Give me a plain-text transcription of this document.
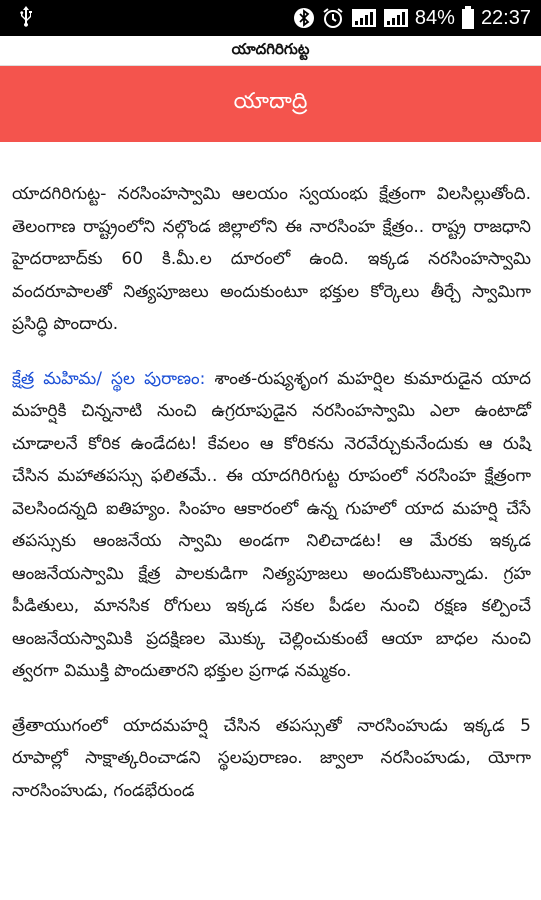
84% 22:37
యాదగిరిగుట్ట
యాదాద్రి

యాదగిరిగుట్ట- నరసింహస్వామి ఆలయం స్వయంభు క్షేత్రంగా విలసిల్లుతోంది. తెలంగాణ రాష్ట్రంలోని నల్గొండ జిల్లాలోని ఈ నారసింహ క్షేత్రం.. రాష్ట్ర రాజధాని హైదరాబాద్‌కు 60 కి.మీ.ల దూరంలో ఉంది. ఇక్కడ నరసింహస్వామి వందరూపాలతో నిత్యపూజలు అందుకుంటూ భక్తుల కోర్కెలు తీర్చే స్వామిగా ప్రసిద్ధి పొందారు.

క్షేత్ర మహిమ/ స్థల పురాణం: శాంత-రుష్యశృంగ మహర్షిల కుమారుడైన యాద మహర్షికి చిన్ననాటి నుంచి ఉగ్రరూపుడైన నరసింహస్వామి ఎలా ఉంటాడో చూడాలనే కోరిక ఉండేదట! కేవలం ఆ కోరికను నెరవేర్చుకునేందుకు ఆ రుషి చేసిన మహాతపస్సు ఫలితమే.. ఈ యాదగిరిగుట్ట రూపంలో నరసింహ క్షేత్రంగా వెలసిందన్నది ఐతిహ్యం. సింహం ఆకారంలో ఉన్న గుహలో యాద మహర్షి చేసే తపస్సుకు ఆంజనేయ స్వామి అండగా నిలిచాడట! ఆ మేరకు ఇక్కడ ఆంజనేయస్వామి క్షేత్ర పాలకుడిగా నిత్యపూజలు అందుకొంటున్నాడు. గ్రహ పీడితులు, మానసిక రోగులు ఇక్కడ సకల పీడల నుంచి రక్షణ కల్పించే ఆంజనేయస్వామికి ప్రదక్షిణల మొక్కు చెల్లించుకుంటే ఆయా బాధల నుంచి త్వరగా విముక్తి పొందుతారని భక్తుల ప్రగాఢ నమ్మకం.

త్రేతాయుగంలో యాదమహర్షి చేసిన తపస్సుతో నారసింహుడు ఇక్కడ 5 రూపాల్లో సాక్షాత్కరించాడని స్థలపురాణం. జ్వాలా నరసింహుడు, యోగా నారసింహుడు, గండభేరుండ
